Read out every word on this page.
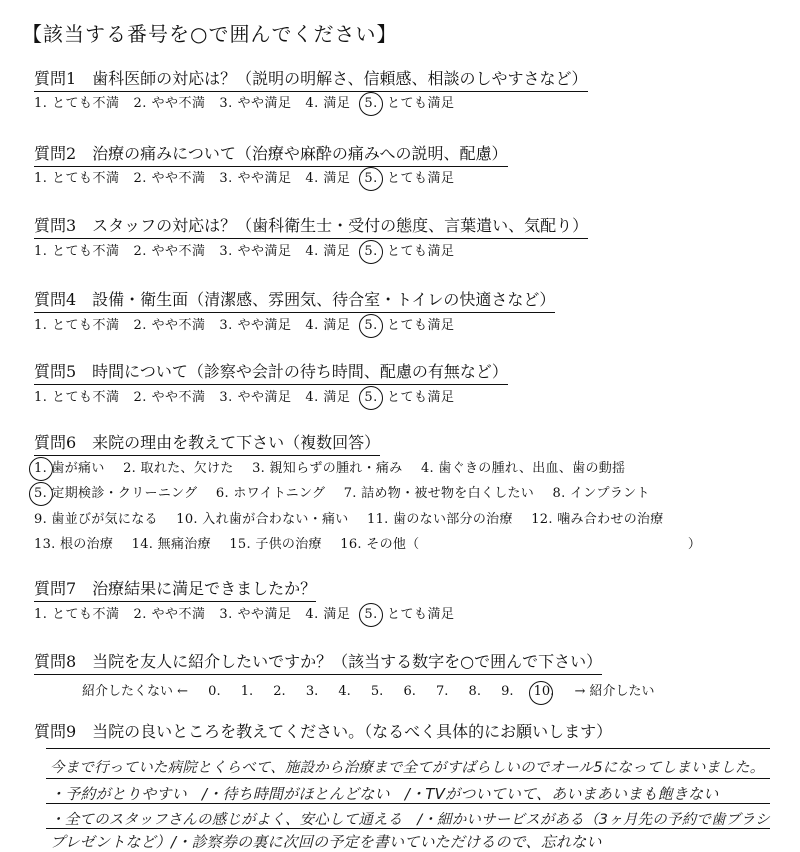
【該当する番号を○で囲んでください】
質問1　歯科医師の対応は？（説明の明解さ、信頼感、相談のしやすさなど）
1. とても不満 2. やや不満 3. やや満足 4. 満足 5. とても満足
質問2　治療の痛みについて（治療や麻酔の痛みへの説明、配慮）
1. とても不満 2. やや不満 3. やや満足 4. 満足 5. とても満足
質問3　スタッフの対応は？（歯科衛生士・受付の態度、言葉遣い、気配り）
1. とても不満 2. やや不満 3. やや満足 4. 満足 5. とても満足
質問4　設備・衛生面（清潔感、雰囲気、待合室・トイレの快適さなど）
1. とても不満 2. やや不満 3. やや満足 4. 満足 5. とても満足
質問5　時間について（診察や会計の待ち時間、配慮の有無など）
1. とても不満 2. やや不満 3. やや満足 4. 満足 5. とても満足
質問6　来院の理由を教えて下さい（複数回答）
1. 歯が痛い 2. 取れた、欠けた 3. 親知らずの腫れ・痛み 4. 歯ぐきの腫れ、出血、歯の動揺
5. 定期検診・クリーニング 6. ホワイトニング 7. 詰め物・被せ物を白くしたい 8. インプラント
9. 歯並びが気になる 10. 入れ歯が合わない・痛い 11. 歯のない部分の治療 12. 噛み合わせの治療
13. 根の治療 14. 無痛治療 15. 子供の治療 16. その他（	）
質問7　治療結果に満足できましたか？
1. とても不満 2. やや不満 3. やや満足 4. 満足 5. とても満足
質問8　当院を友人に紹介したいですか？（該当する数字を○で囲んで下さい）
紹介したくない ← 0. 1. 2. 3. 4. 5. 6. 7. 8. 9. 10. → 紹介したい
質問9　当院の良いところを教えてください。（なるべく具体的にお願いします）
今まで行っていた病院とくらべて、施設から治療まで全てがすばらしいのでオール5になってしまいました。
・予約がとりやすい　/・待ち時間がほとんどない　/・TVがついていて、あいまあいまも飽きない
・全てのスタッフさんの感じがよく、安心して通える　/・細かいサービスがある（3ヶ月先の予約で歯ブラシ
プレゼントなど）/・診察券の裏に次回の予定を書いていただけるので、忘れない
